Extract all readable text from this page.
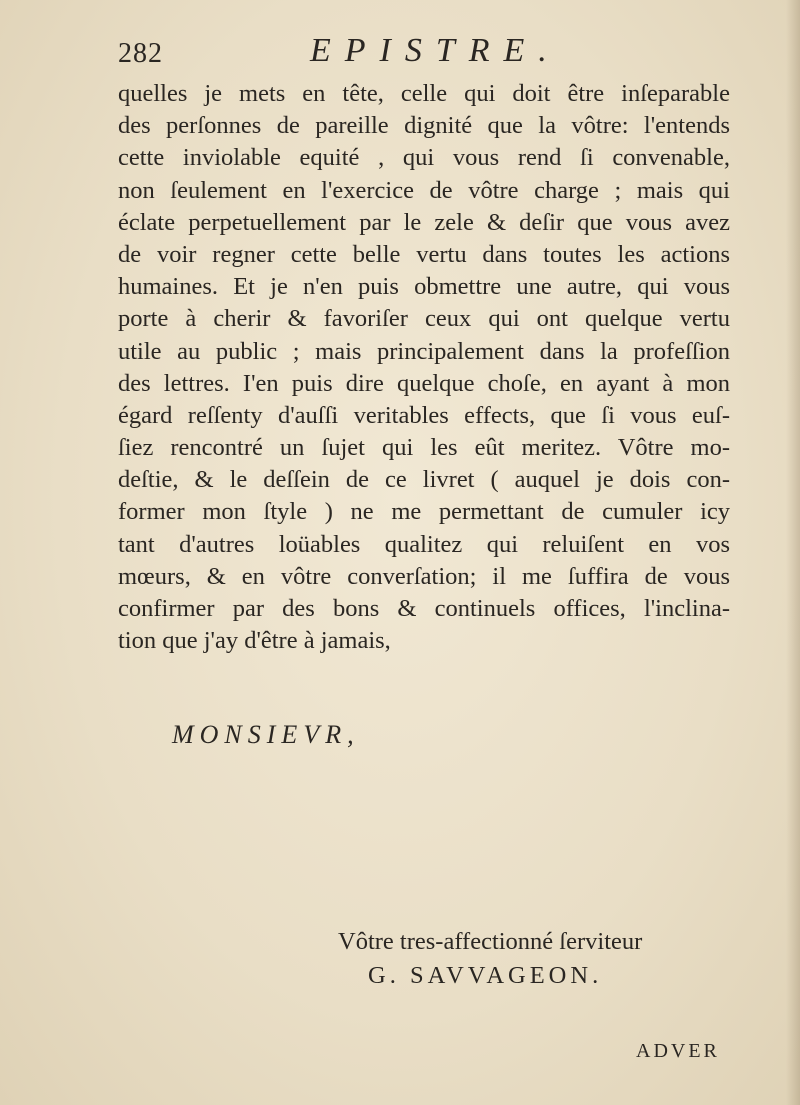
282	EPISTRE.
quelles je mets en tête, celle qui doit être inſeparable
des perſonnes de pareille dignité que la vôtre: l'entends
cette inviolable equité , qui vous rend ſi convenable,
non ſeulement en l'exercice de vôtre charge ; mais qui
éclate perpetuellement par le zele & deſir que vous avez
de voir regner cette belle vertu dans toutes les actions
humaines. Et je n'en puis obmettre une autre, qui vous
porte à cherir & favoriſer ceux qui ont quelque vertu
utile au public ; mais principalement dans la profeſſion
des lettres. I'en puis dire quelque choſe, en ayant à mon
égard reſſenty d'auſſi veritables effects, que ſi vous euſ-
ſiez rencontré un ſujet qui les eût meritez. Vôtre mo-
deſtie, & le deſſein de ce livret ( auquel je dois con-
former mon ſtyle ) ne me permettant de cumuler icy
tant d'autres loüables qualitez qui reluiſent en vos
mœurs, & en vôtre converſation; il me ſuffira de vous
confirmer par des bons & continuels offices, l'inclina-
tion que j'ay d'être à jamais,
MONSIEVR,
Vôtre tres-affectionné ſerviteur
G. SAVVAGEON.
ADVER
